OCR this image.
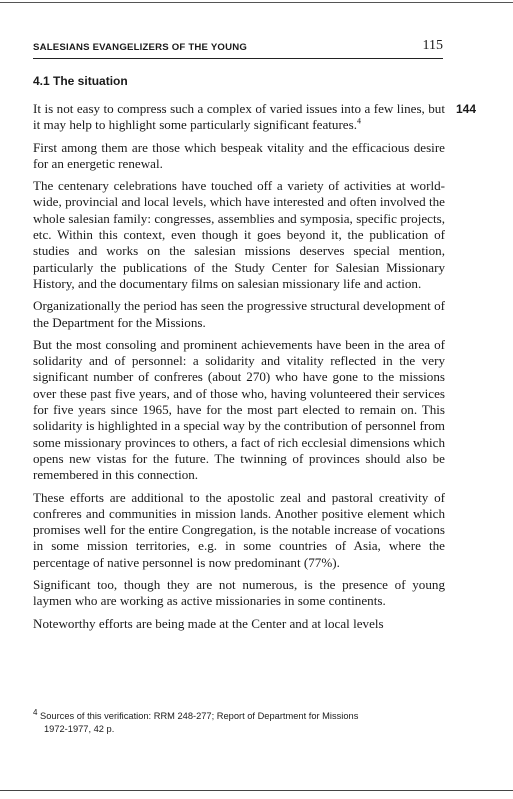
SALESIANS EVANGELIZERS OF THE YOUNG	115
4.1 The situation
144

It is not easy to compress such a complex of varied issues into a few lines, but it may help to highlight some particularly significant features.$^4$

First among them are those which bespeak vitality and the efficacious desire for an energetic renewal.

The centenary celebrations have touched off a variety of activities at world-wide, provincial and local levels, which have interested and often involved the whole salesian family: congresses, assemblies and symposia, specific projects, etc. Within this context, even though it goes beyond it, the publication of studies and works on the salesian missions deserves special mention, particularly the publications of the Study Center for Salesian Missionary History, and the documentary films on salesian missionary life and action.

Organizationally the period has seen the progressive structural development of the Department for the Missions.

But the most consoling and prominent achievements have been in the area of solidarity and of personnel: a solidarity and vitality reflected in the very significant number of confreres (about 270) who have gone to the missions over these past five years, and of those who, having volunteered their services for five years since 1965, have for the most part elected to remain on. This solidarity is highlighted in a special way by the contribution of personnel from some missionary provinces to others, a fact of rich ecclesial dimensions which opens new vistas for the future. The twinning of provinces should also be remembered in this connection.

These efforts are additional to the apostolic zeal and pastoral creativity of confreres and communities in mission lands. Another positive element which promises well for the entire Congregation, is the notable increase of vocations in some mission territories, e.g. in some countries of Asia, where the percentage of native personnel is now predominant (77%).

Significant too, though they are not numerous, is the presence of young laymen who are working as active missionaries in some continents.

Noteworthy efforts are being made at the Center and at local levels

$^4$ Sources of this verification: RRM 248-277; Report of Department for Missions
1972-1977, 42 p.
